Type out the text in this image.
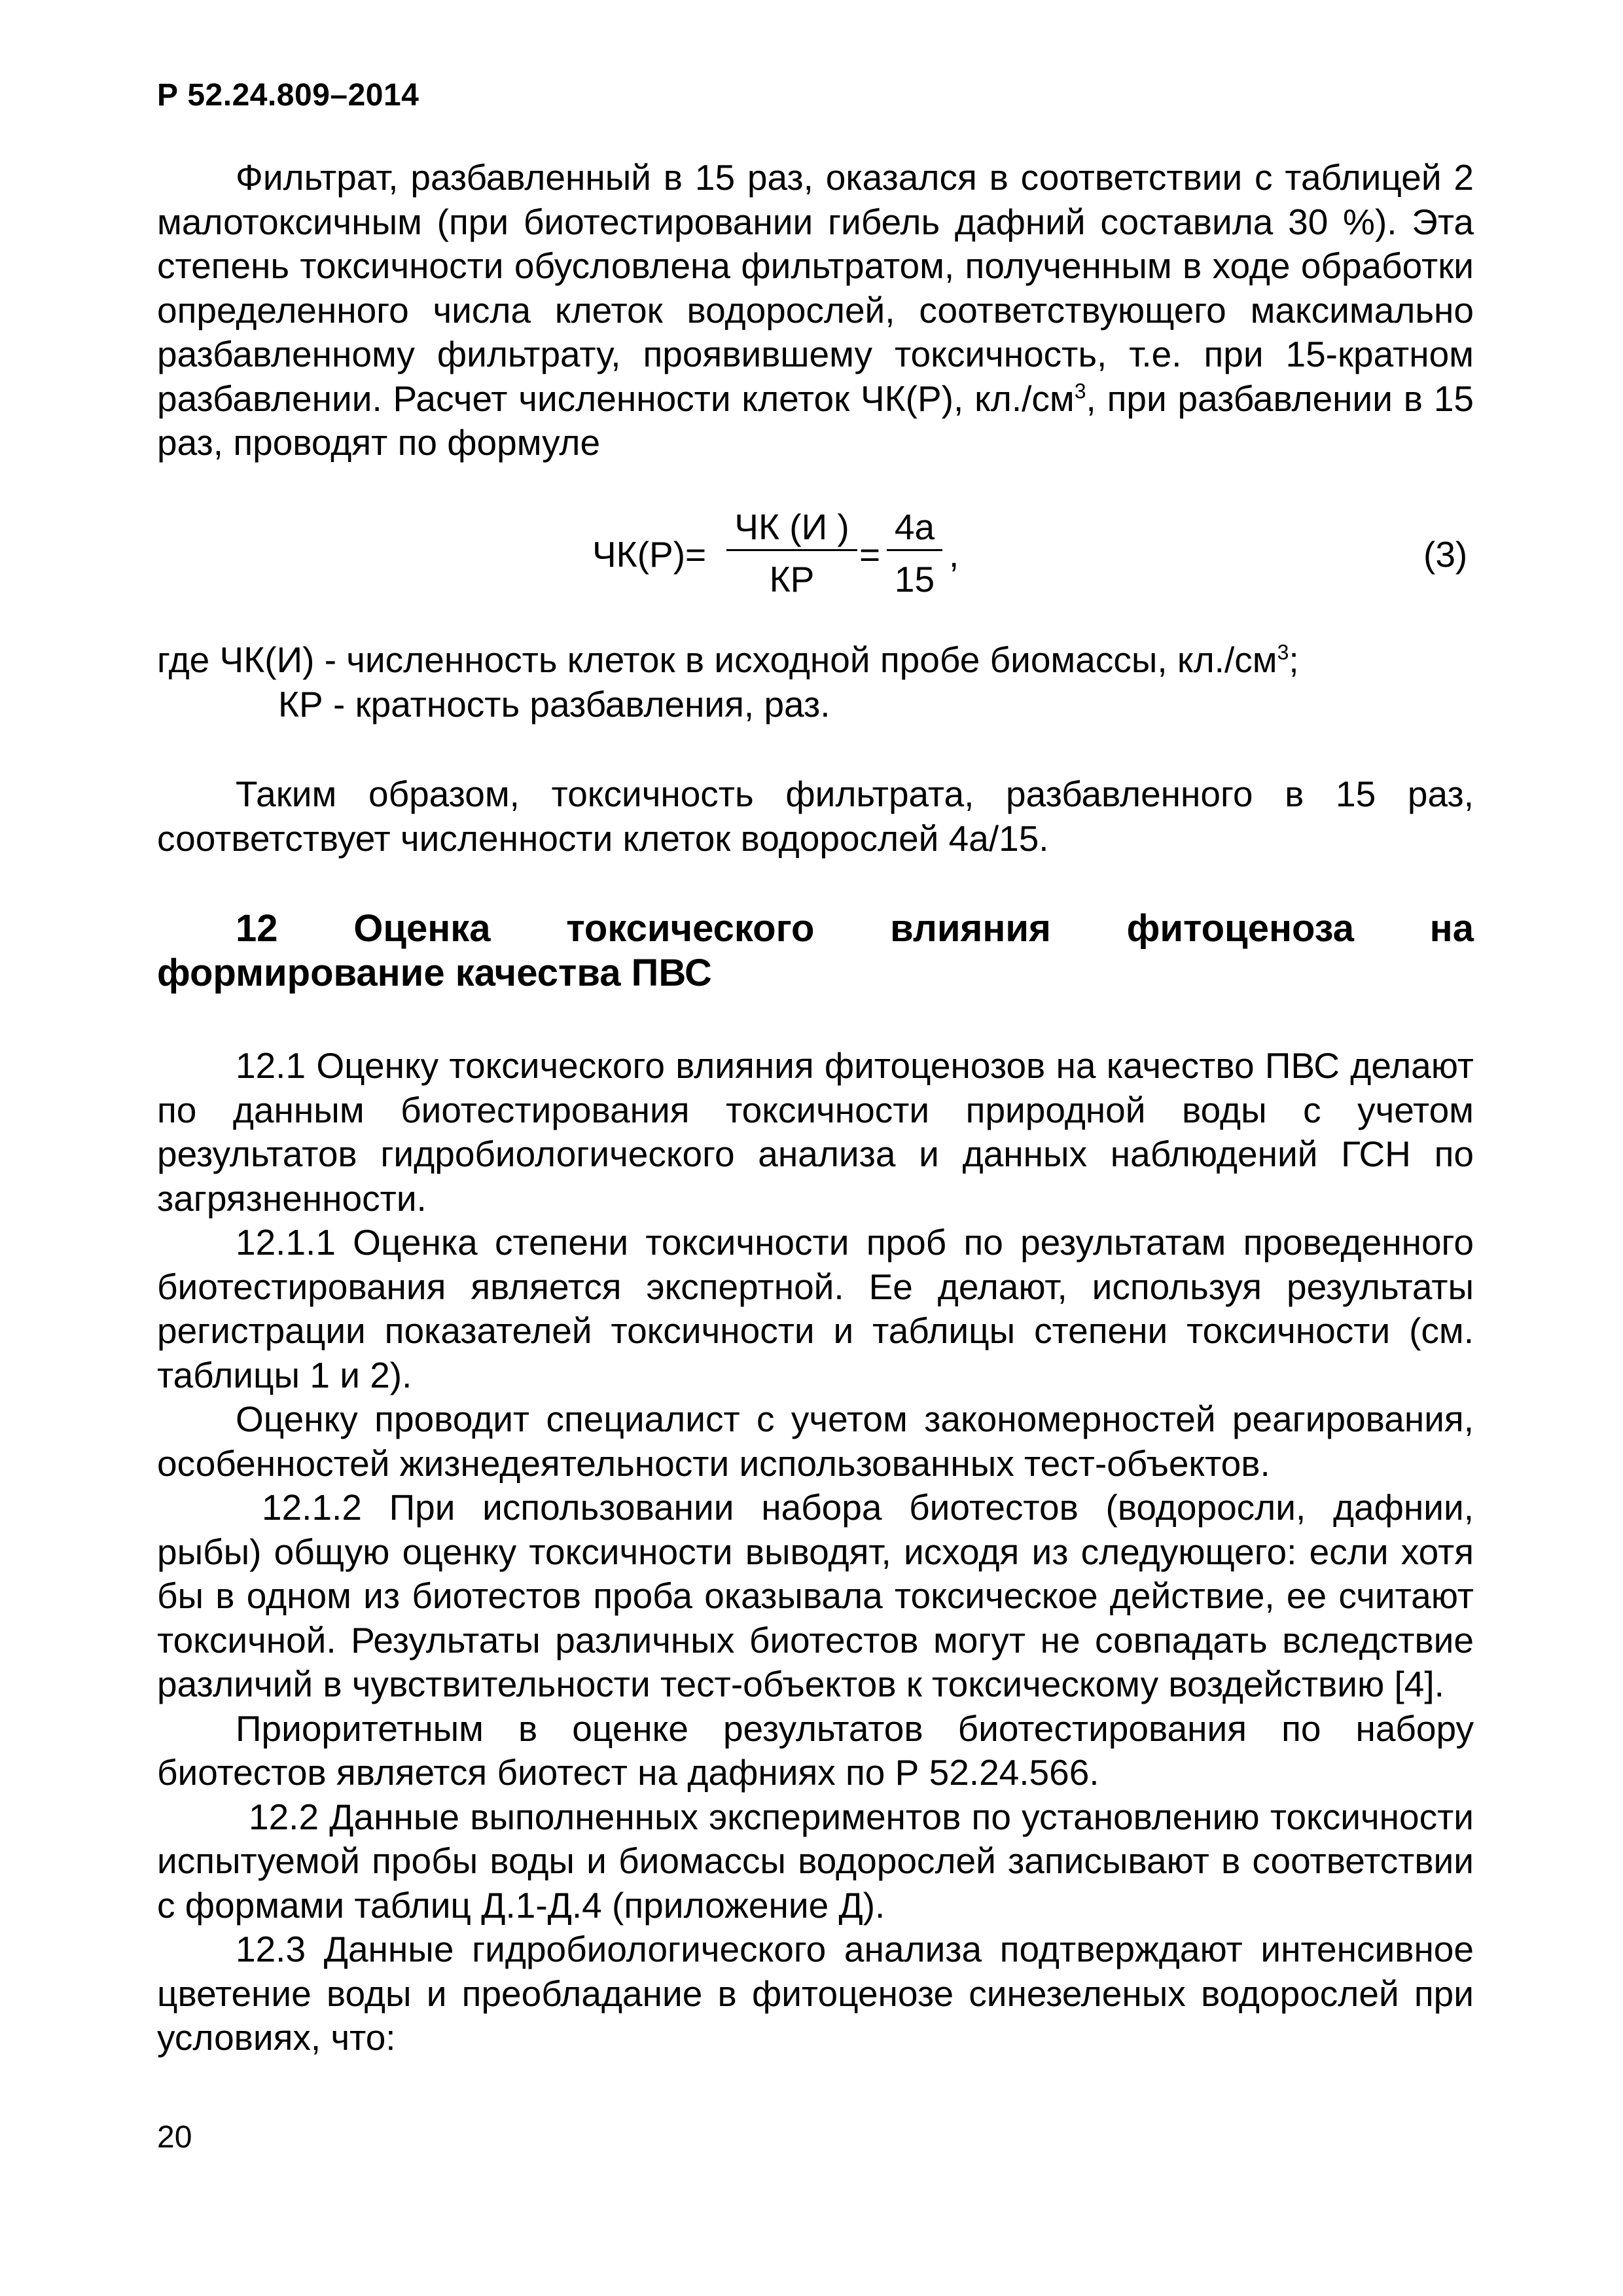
Р 52.24.809–2014

Фильтрат, разбавленный в 15 раз, оказался в соответствии с таблицей 2 малотоксичным (при биотестировании гибель дафний составила 30 %). Эта степень токсичности обусловлена фильтратом, полученным в ходе обработки определенного числа клеток водорослей, соответствующего максимально разбавленному фильтрату, проявившему токсичность, т.е. при 15-кратном разбавлении. Расчет численности клеток ЧК(Р), $кл./см^3$, при разбавлении в 15 раз, проводят по формуле

ЧК(Р)=
ЧК (И )
КР
=
4а
15
,	(3)
где ЧК(И) - численность клеток в исходной пробе биомассы, $кл./см^3$;
КР - кратность разбавления, раз.

Таким образом, токсичность фильтрата, разбавленного в 15 раз, соответствует численности клеток водорослей 4а/15.

12 Оценка токсического влияния фитоценоза на
формирование качества ПВС

12.1 Оценку токсического влияния фитоценозов на качество ПВС делают по данным биотестирования токсичности природной воды с учетом результатов гидробиологического анализа и данных наблюдений ГСН по загрязненности.

12.1.1 Оценка степени токсичности проб по результатам проведенного биотестирования является экспертной. Ее делают, используя результаты регистрации показателей токсичности и таблицы степени токсичности (см. таблицы 1 и 2).

Оценку проводит специалист с учетом закономерностей реагирования, особенностей жизнедеятельности использованных тест-объектов.

12.1.2 При использовании набора биотестов (водоросли, дафнии, рыбы) общую оценку токсичности выводят, исходя из следующего: если хотя бы в одном из биотестов проба оказывала токсическое действие, ее считают токсичной. Результаты различных биотестов могут не совпадать вследствие различий в чувствительности тест-объектов к токсическому воздействию [4].

Приоритетным в оценке результатов биотестирования по набору биотестов является биотест на дафниях по Р 52.24.566.

12.2 Данные выполненных экспериментов по установлению токсичности испытуемой пробы воды и биомассы водорослей записывают в соответствии с формами таблиц Д.1-Д.4 (приложение Д).

12.3 Данные гидробиологического анализа подтверждают интенсивное цветение воды и преобладание в фитоценозе синезеленых водорослей при условиях, что:

20
